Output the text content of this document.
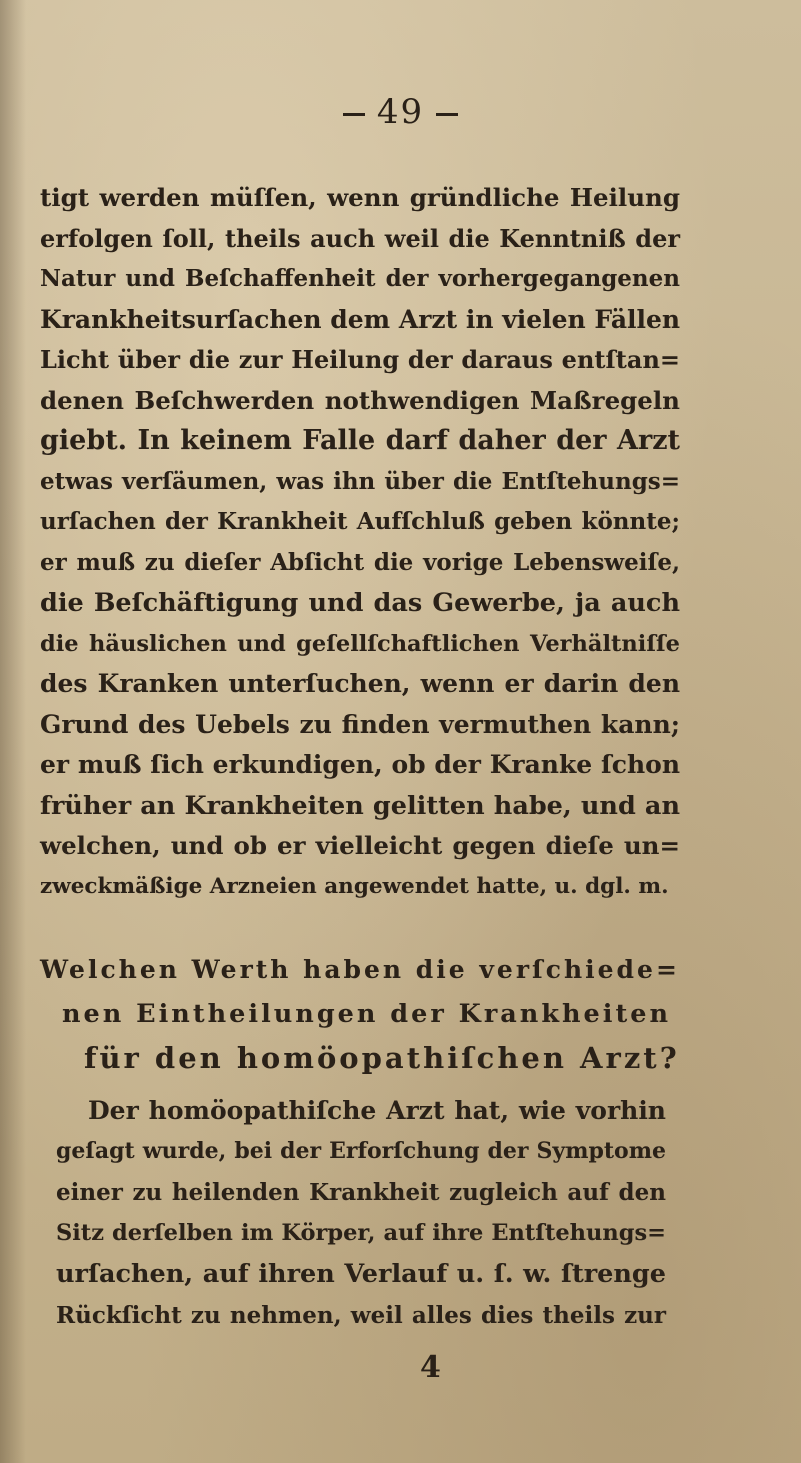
49
tigt werden müſſen, wenn gründliche Heilung
erfolgen ſoll, theils auch weil die Kenntniß der
Natur und Beſchaffenheit der vorhergegangenen
Krankheitsurſachen dem Arzt in vielen Fällen
Licht über die zur Heilung der daraus entſtan=
denen Beſchwerden nothwendigen Maßregeln
giebt. In keinem Falle darf daher der Arzt
etwas verſäumen, was ihn über die Entſtehungs=
urſachen der Krankheit Aufſchluß geben könnte;
er muß zu dieſer Abſicht die vorige Lebensweiſe,
die Beſchäftigung und das Gewerbe, ja auch
die häuslichen und geſellſchaftlichen Verhältniſſe
des Kranken unterſuchen, wenn er darin den
Grund des Uebels zu finden vermuthen kann;
er muß ſich erkundigen, ob der Kranke ſchon
früher an Krankheiten gelitten habe, und an
welchen, und ob er vielleicht gegen dieſe un=
zweckmäßige Arzneien angewendet hatte, u. dgl. m.
Welchen Werth haben die verſchiede=
nen Eintheilungen der Krankheiten
für den homöopathiſchen Arzt?
Der homöopathiſche Arzt hat, wie vorhin
geſagt wurde, bei der Erforſchung der Symptome
einer zu heilenden Krankheit zugleich auf den
Sitz derſelben im Körper, auf ihre Entſtehungs=
urſachen, auf ihren Verlauf u. ſ. w. ſtrenge
Rückſicht zu nehmen, weil alles dies theils zur
4
